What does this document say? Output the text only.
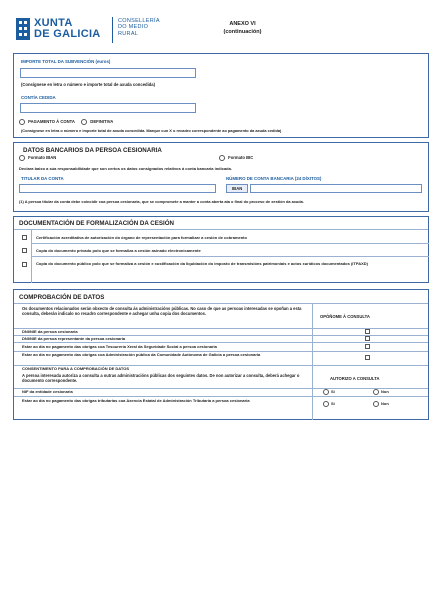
XUNTA
DE GALICIA
CONSELLERÍA
DO MEDIO
RURAL
ANEXO VI
(continuación)
IMPORTE TOTAL DA SUBVENCIÓN (euros)
(Consígnese en letra o número e importe total de axuda concedida)
CONTÍA CEDIDA
PAGAMENTO Á CONTA	DEFINITIVA
(Consígnese en letra o número e importe total de axuda concedida. Marque cun X o recadro correspondente ao pagamento da axuda cedida)
DATOS BANCARIOS DA PERSOA CESIONARIA
Formato IBAN	Formato BIC
Declara baixo a súa responsabilidade que son certos os datos consignados relativos á conta bancaria indicada.
TITULAR DA CONTA	NÚMERO DE CONTA BANCARIA (24 DÍXITOS)
IBAN
(1) A persoa titular da conta debe coincidir coa persoa cesionaria, que se compromete a manter a conta aberta ata o final do proceso de xestión da axuda.
DOCUMENTACIÓN DE FORMALIZACIÓN DA CESIÓN
Certificación acreditativa de autorización do órgano de representación para formalizar a cesión de cobramento
Copia do documento privado polo que se formaliza a cesión asinado electronicamente
Copia do documento público polo que se formaliza a cesión e xustificación da liquidación do imposto de transmisións patrimoniais e actos xurídicos documentados (ITPAXD)
COMPROBACIÓN DE DATOS
Os documentos relacionados serán obxecto de consulta ás administracións públicas. No caso de que as persoas interesadas se opoñan a esta consulta, deberán indicalo no recadro correspondente e achegar unha copia dos documentos.
OPÓÑOME Á CONSULTA
DNI/NIE da persoa cesionaria
DNI/NIE da persoa representante da persoa cesionaria
Estar ao día no pagamento das obrigas coa Tesourería Xeral da Seguridade Social a persoa cesionaria
Estar ao día no pagamento das obrigas coa Administración pública da Comunidade Autónoma de Galicia a persoa cesionaria
CONSENTIMENTO PARA A COMPROBACIÓN DE DATOS
A persoa interesada autoriza a consulta a outras administracións públicas dos seguintes datos. De non autorizar a consulta, deberá achegar o documento correspondente.	AUTORIZO A CONSULTA
NIF da entidade cesionaria	Si	Non
Estar ao día no pagamento das obrigas tributarias coa Axencia Estatal de Administración Tributaria a persoa cesionaria
Si	Non
